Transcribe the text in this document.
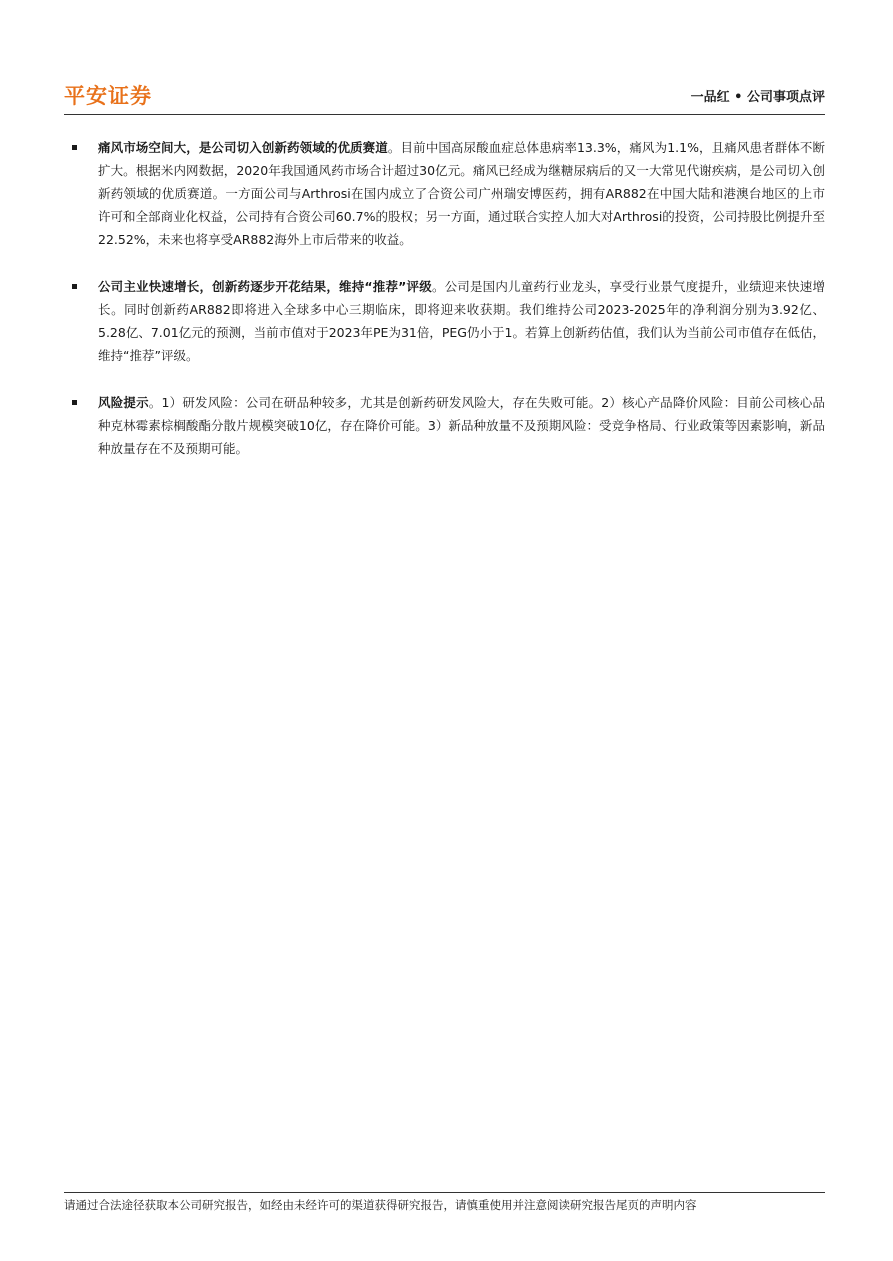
平安证券	一品红 • 公司事项点评
痛风市场空间大，是公司切入创新药领域的优质赛道。目前中国高尿酸血症总体患病率13.3%，痛风为1.1%，且痛风患者群体不断扩大。根据米内网数据，2020年我国通风药市场合计超过30亿元。痛风已经成为继糖尿病后的又一大常见代谢疾病，是公司切入创新药领域的优质赛道。一方面公司与Arthrosi在国内成立了合资公司广州瑞安博医药，拥有AR882在中国大陆和港澳台地区的上市许可和全部商业化权益，公司持有合资公司60.7%的股权；另一方面，通过联合实控人加大对Arthrosi的投资，公司持股比例提升至22.52%，未来也将享受AR882海外上市后带来的收益。
公司主业快速增长，创新药逐步开花结果，维持“推荐”评级。公司是国内儿童药行业龙头，享受行业景气度提升，业绩迎来快速增长。同时创新药AR882即将进入全球多中心三期临床，即将迎来收获期。我们维持公司2023-2025年的净利润分别为3.92亿、5.28亿、7.01亿元的预测，当前市值对于2023年PE为31倍，PEG仍小于1。若算上创新药估值，我们认为当前公司市值存在低估，维持“推荐”评级。
风险提示。1）研发风险：公司在研品种较多，尤其是创新药研发风险大，存在失败可能。2）核心产品降价风险：目前公司核心品种克林霉素棕榈酸酯分散片规模突破10亿，存在降价可能。3）新品种放量不及预期风险：受竞争格局、行业政策等因素影响，新品种放量存在不及预期可能。
请通过合法途径获取本公司研究报告，如经由未经许可的渠道获得研究报告，请慎重使用并注意阅读研究报告尾页的声明内容
